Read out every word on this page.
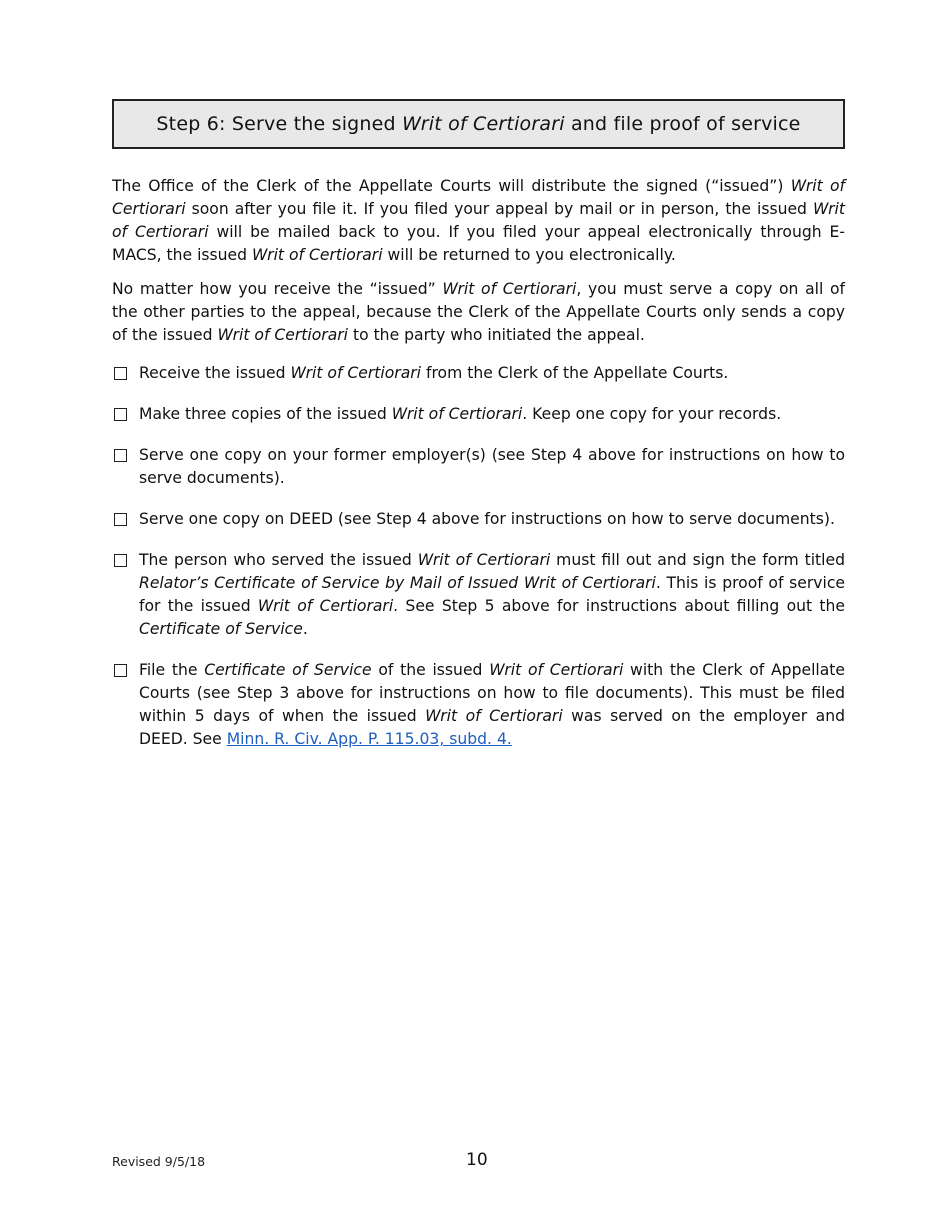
Step 6: Serve the signed Writ of Certiorari and file proof of service

The Office of the Clerk of the Appellate Courts will distribute the signed (“issued”) Writ of Certiorari soon after you file it. If you filed your appeal by mail or in person, the issued Writ of Certiorari will be mailed back to you. If you filed your appeal electronically through E-MACS, the issued Writ of Certiorari will be returned to you electronically.

No matter how you receive the “issued” Writ of Certiorari, you must serve a copy on all of the other parties to the appeal, because the Clerk of the Appellate Courts only sends a copy of the issued Writ of Certiorari to the party who initiated the appeal.

Receive the issued Writ of Certiorari from the Clerk of the Appellate Courts.
Make three copies of the issued Writ of Certiorari. Keep one copy for your records.
Serve one copy on your former employer(s) (see Step 4 above for instructions on how to serve documents).
Serve one copy on DEED (see Step 4 above for instructions on how to serve documents).
The person who served the issued Writ of Certiorari must fill out and sign the form titled Relator’s Certificate of Service by Mail of Issued Writ of Certiorari. This is proof of service for the issued Writ of Certiorari. See Step 5 above for instructions about filling out the Certificate of Service.
File the Certificate of Service of the issued Writ of Certiorari with the Clerk of Appellate Courts (see Step 3 above for instructions on how to file documents). This must be filed within 5 days of when the issued Writ of Certiorari was served on the employer and DEED. See Minn. R. Civ. App. P. 115.03, subd. 4.
Revised 9/5/18	10
